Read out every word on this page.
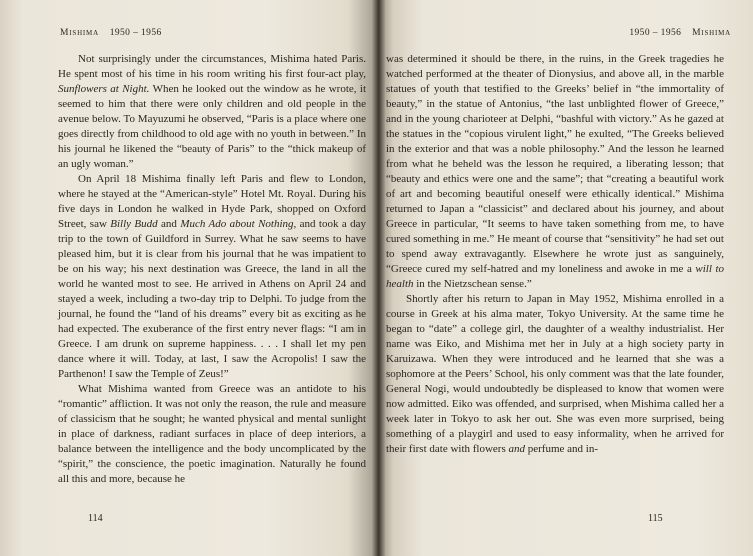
Mishima 1950 – 1956

Not surprisingly under the circumstances, Mishima hated Paris. He spent most of his time in his room writing his first four-act play, Sunflowers at Night. When he looked out the window as he wrote, it seemed to him that there were only children and old people in the avenue below. To Mayuzumi he observed, “Paris is a place where one goes directly from childhood to old age with no youth in between.” In his journal he likened the “beauty of Paris” to the “thick makeup of an ugly woman.”

On April 18 Mishima finally left Paris and flew to London, where he stayed at the “American-style” Hotel Mt. Royal. During his five days in London he walked in Hyde Park, shopped on Oxford Street, saw Billy Budd and Much Ado about Nothing, and took a day trip to the town of Guildford in Surrey. What he saw seems to have pleased him, but it is clear from his journal that he was impatient to be on his way; his next destination was Greece, the land in all the world he wanted most to see. He arrived in Athens on April 24 and stayed a week, including a two-day trip to Delphi. To judge from the journal, he found the “land of his dreams” every bit as exciting as he had expected. The exuberance of the first entry never flags: “I am in Greece. I am drunk on supreme happiness. . . . I shall let my pen dance where it will. Today, at last, I saw the Acropolis! I saw the Parthenon! I saw the Temple of Zeus!”

What Mishima wanted from Greece was an antidote to his “romantic” affliction. It was not only the reason, the rule and measure of classicism that he sought; he wanted physical and mental sunlight in place of darkness, radiant surfaces in place of deep interiors, a balance between the intelligence and the body uncomplicated by the “spirit,” the conscience, the poetic imagination. Naturally he found all this and more, because he

114
1950 – 1956 Mishima

was determined it should be there, in the ruins, in the Greek tragedies he watched performed at the theater of Dionysius, and above all, in the marble statues of youth that testified to the Greeks’ belief in “the immortality of beauty,” in the statue of Antonius, “the last unblighted flower of Greece,” and in the young charioteer at Delphi, “bashful with victory.” As he gazed at the statues in the “copious virulent light,” he exulted, “The Greeks believed in the exterior and that was a noble philosophy.” And the lesson he learned from what he beheld was the lesson he required, a liberating lesson; that “beauty and ethics were one and the same”; that “creating a beautiful work of art and becoming beautiful oneself were ethically identical.” Mishima returned to Japan a “classicist” and declared about his journey, and about Greece in particular, “It seems to have taken something from me, to have cured something in me.” He meant of course that “sensitivity” he had set out to spend away extravagantly. Elsewhere he wrote just as sanguinely, “Greece cured my self-hatred and my loneliness and awoke in me a will to health in the Nietzschean sense.”

Shortly after his return to Japan in May 1952, Mishima enrolled in a course in Greek at his alma mater, Tokyo University. At the same time he began to “date” a college girl, the daughter of a wealthy industrialist. Her name was Eiko, and Mishima met her in July at a high society party in Karuizawa. When they were introduced and he learned that she was a sophomore at the Peers’ School, his only comment was that the late founder, General Nogi, would undoubtedly be displeased to know that women were now admitted. Eiko was offended, and surprised, when Mishima called her a week later in Tokyo to ask her out. She was even more surprised, being something of a playgirl and used to easy informality, when he arrived for their first date with flowers and perfume and in-

115
